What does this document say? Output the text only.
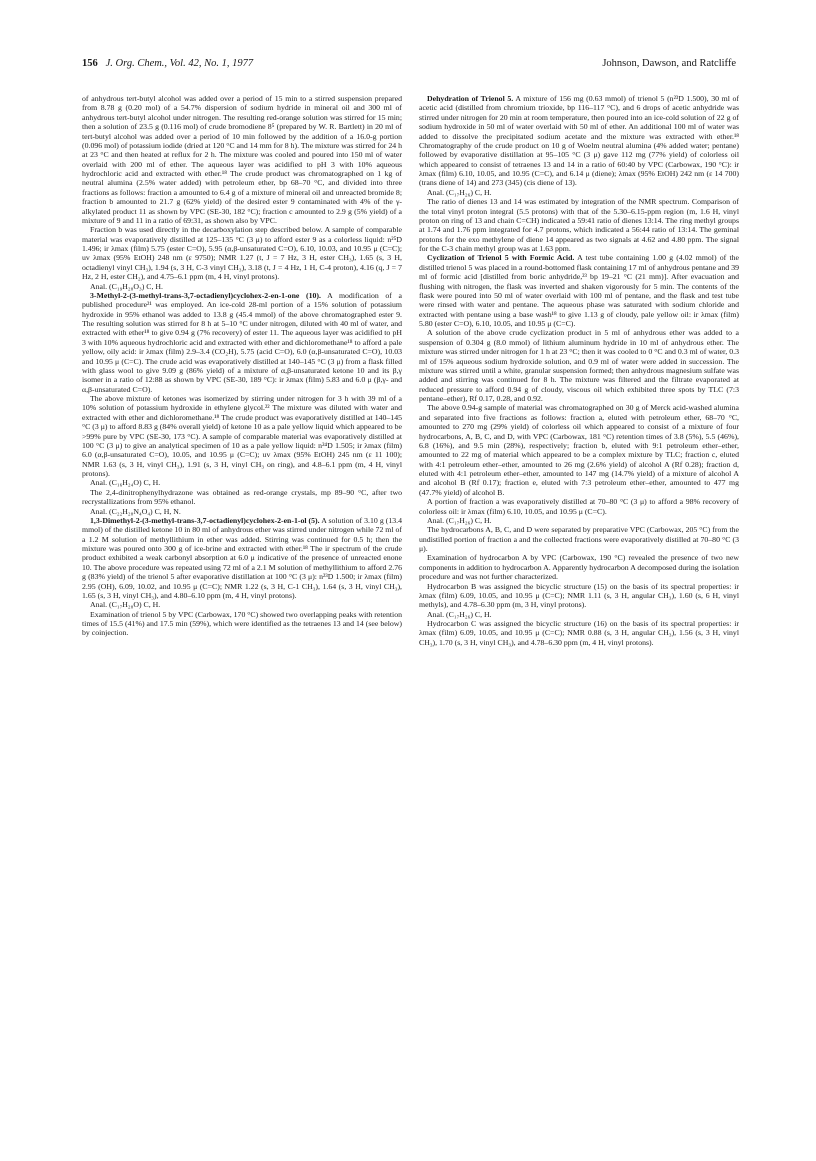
156 J. Org. Chem., Vol. 42, No. 1, 1977	Johnson, Dawson, and Ratcliffe

of anhydrous tert-butyl alcohol was added over a period of 15 min to a stirred suspension prepared from 8.78 g (0.20 mol) of a 54.7% dispersion of sodium hydride in mineral oil and 300 ml of anhydrous tert-butyl alcohol under nitrogen. The resulting red-orange solution was stirred for 15 min; then a solution of 23.5 g (0.116 mol) of crude bromodiene 8⁵ (prepared by W. R. Bartlett) in 20 ml of tert-butyl alcohol was added over a period of 10 min followed by the addition of a 16.0-g portion (0.096 mol) of potassium iodide (dried at 120 °C and 14 mm for 8 h). The mixture was stirred for 24 h at 23 °C and then heated at reflux for 2 h. The mixture was cooled and poured into 150 ml of water overlaid with 200 ml of ether. The aqueous layer was acidified to pH 3 with 10% aqueous hydrochloric acid and extracted with ether.¹⁸ The crude product was chromatographed on 1 kg of neutral alumina (2.5% water added) with petroleum ether, bp 68–70 °C, and divided into three fractions as follows: fraction a amounted to 6.4 g of a mixture of mineral oil and unreacted bromide 8; fraction b amounted to 21.7 g (62% yield) of the desired ester 9 contaminated with 4% of the γ-alkylated product 11 as shown by VPC (SE-30, 182 °C); fraction c amounted to 2.9 g (5% yield) of a mixture of 9 and 11 in a ratio of 69:31, as shown also by VPC.

Fraction b was used directly in the decarboxylation step described below. A sample of comparable material was evaporatively distilled at 125–135 °C (3 μ) to afford ester 9 as a colorless liquid: n²⁵D 1.496; ir λmax (film) 5.75 (ester C=O), 5.95 (α,β-unsaturated C=O), 6.10, 10.03, and 10.95 μ (C=C); uv λmax (95% EtOH) 248 nm (ε 9750); NMR 1.27 (t, J = 7 Hz, 3 H, ester CH₃), 1.65 (s, 3 H, octadienyl vinyl CH₃), 1.94 (s, 3 H, C-3 vinyl CH₃), 3.18 (t, J = 4 Hz, 1 H, C-4 proton), 4.16 (q, J = 7 Hz, 2 H, ester CH₂), and 4.75–6.1 ppm (m, 4 H, vinyl protons).

Anal. (C₁₉H₂₈O₃) C, H.

3-Methyl-2-(3-methyl-trans-3,7-octadienyl)cyclohex-2-en-1-one (10). A modification of a published procedure²¹ was employed. An ice-cold 28-ml portion of a 15% solution of potassium hydroxide in 95% ethanol was added to 13.8 g (45.4 mmol) of the above chromatographed ester 9. The resulting solution was stirred for 8 h at 5–10 °C under nitrogen, diluted with 40 ml of water, and extracted with ether¹⁸ to give 0.94 g (7% recovery) of ester 11. The aqueous layer was acidified to pH 3 with 10% aqueous hydrochloric acid and extracted with ether and dichloromethane¹⁸ to afford a pale yellow, oily acid: ir λmax (film) 2.9–3.4 (CO₂H), 5.75 (acid C=O), 6.0 (α,β-unsaturated C=O), 10.03 and 10.95 μ (C=C). The crude acid was evaporatively distilled at 140–145 °C (3 μ) from a flask filled with glass wool to give 9.09 g (86% yield) of a mixture of α,β-unsaturated ketone 10 and its β,γ isomer in a ratio of 12:88 as shown by VPC (SE-30, 189 °C): ir λmax (film) 5.83 and 6.0 μ (β,γ- and α,β-unsaturated C=O).

The above mixture of ketones was isomerized by stirring under nitrogen for 3 h with 39 ml of a 10% solution of potassium hydroxide in ethylene glycol.²² The mixture was diluted with water and extracted with ether and dichloromethane.¹⁸ The crude product was evaporatively distilled at 140–145 °C (3 μ) to afford 8.83 g (84% overall yield) of ketone 10 as a pale yellow liquid which appeared to be >99% pure by VPC (SE-30, 173 °C). A sample of comparable material was evaporatively distilled at 100 °C (3 μ) to give an analytical specimen of 10 as a pale yellow liquid: n²⁴D 1.505; ir λmax (film) 6.0 (α,β-unsaturated C=O), 10.05, and 10.95 μ (C=C); uv λmax (95% EtOH) 245 nm (ε 11 100); NMR 1.63 (s, 3 H, vinyl CH₃), 1.91 (s, 3 H, vinyl CH₃ on ring), and 4.8–6.1 ppm (m, 4 H, vinyl protons).

Anal. (C₁₆H₂₄O) C, H.

The 2,4-dinitrophenylhydrazone was obtained as red-orange crystals, mp 89–90 °C, after two recrystallizations from 95% ethanol.

Anal. (C₂₂H₂₈N₄O₄) C, H, N.

1,3-Dimethyl-2-(3-methyl-trans-3,7-octadienyl)cyclohex-2-en-1-ol (5). A solution of 3.10 g (13.4 mmol) of the distilled ketone 10 in 80 ml of anhydrous ether was stirred under nitrogen while 72 ml of a 1.2 M solution of methyllithium in ether was added. Stirring was continued for 0.5 h; then the mixture was poured onto 300 g of ice-brine and extracted with ether.¹⁸ The ir spectrum of the crude product exhibited a weak carbonyl absorption at 6.0 μ indicative of the presence of unreacted enone 10. The above procedure was repeated using 72 ml of a 2.1 M solution of methyllithium to afford 2.76 g (83% yield) of the trienol 5 after evaporative distillation at 100 °C (3 μ): n²³D 1.500; ir λmax (film) 2.95 (OH), 6.09, 10.02, and 10.95 μ (C=C); NMR 1.22 (s, 3 H, C-1 CH₃), 1.64 (s, 3 H, vinyl CH₃), 1.65 (s, 3 H, vinyl CH₃), and 4.80–6.10 ppm (m, 4 H, vinyl protons).

Anal. (C₁₇H₂₈O) C, H.

Examination of trienol 5 by VPC (Carbowax, 170 °C) showed two overlapping peaks with retention times of 15.5 (41%) and 17.5 min (59%), which were identified as the tetraenes 13 and 14 (see below) by coinjection.

Dehydration of Trienol 5. A mixture of 156 mg (0.63 mmol) of trienol 5 (n²³D 1.500), 30 ml of acetic acid (distilled from chromium trioxide, bp 116–117 °C), and 6 drops of acetic anhydride was stirred under nitrogen for 20 min at room temperature, then poured into an ice-cold solution of 22 g of sodium hydroxide in 50 ml of water overlaid with 50 ml of ether. An additional 100 ml of water was added to dissolve the precipitated sodium acetate and the mixture was extracted with ether.¹⁸ Chromatography of the crude product on 10 g of Woelm neutral alumina (4% added water; pentane) followed by evaporative distillation at 95–105 °C (3 μ) gave 112 mg (77% yield) of colorless oil which appeared to consist of tetraenes 13 and 14 in a ratio of 60:40 by VPC (Carbowax, 190 °C): ir λmax (film) 6.10, 10.05, and 10.95 (C=C), and 6.14 μ (diene); λmax (95% EtOH) 242 nm (ε 14 700) (trans diene of 14) and 273 (345) (cis diene of 13).

Anal. (C₁₇H₂₆) C, H.

The ratio of dienes 13 and 14 was estimated by integration of the NMR spectrum. Comparison of the total vinyl proton integral (5.5 protons) with that of the 5.30–6.15-ppm region (m, 1.6 H, vinyl proton on ring of 13 and chain C=CH) indicated a 59:41 ratio of dienes 13:14. The ring methyl groups at 1.74 and 1.76 ppm integrated for 4.7 protons, which indicated a 56:44 ratio of 13:14. The geminal protons for the exo methylene of diene 14 appeared as two signals at 4.62 and 4.80 ppm. The signal for the C-3 chain methyl group was at 1.63 ppm.

Cyclization of Trienol 5 with Formic Acid. A test tube containing 1.00 g (4.02 mmol) of the distilled trienol 5 was placed in a round-bottomed flask containing 17 ml of anhydrous pentane and 39 ml of formic acid [distilled from boric anhydride,²³ bp 19–21 °C (21 mm)]. After evacuation and flushing with nitrogen, the flask was inverted and shaken vigorously for 5 min. The contents of the flask were poured into 50 ml of water overlaid with 100 ml of pentane, and the flask and test tube were rinsed with water and pentane. The aqueous phase was saturated with sodium chloride and extracted with pentane using a base wash¹⁸ to give 1.13 g of cloudy, pale yellow oil: ir λmax (film) 5.80 (ester C=O), 6.10, 10.05, and 10.95 μ (C=C).

A solution of the above crude cyclization product in 5 ml of anhydrous ether was added to a suspension of 0.304 g (8.0 mmol) of lithium aluminum hydride in 10 ml of anhydrous ether. The mixture was stirred under nitrogen for 1 h at 23 °C; then it was cooled to 0 °C and 0.3 ml of water, 0.3 ml of 15% aqueous sodium hydroxide solution, and 0.9 ml of water were added in succession. The mixture was stirred until a white, granular suspension formed; then anhydrous magnesium sulfate was added and stirring was continued for 8 h. The mixture was filtered and the filtrate evaporated at reduced pressure to afford 0.94 g of cloudy, viscous oil which exhibited three spots by TLC (7:3 pentane–ether), Rf 0.17, 0.28, and 0.92.

The above 0.94-g sample of material was chromatographed on 30 g of Merck acid-washed alumina and separated into five fractions as follows: fraction a, eluted with petroleum ether, 68–70 °C, amounted to 270 mg (29% yield) of colorless oil which appeared to consist of a mixture of four hydrocarbons, A, B, C, and D, with VPC (Carbowax, 181 °C) retention times of 3.8 (5%), 5.5 (46%), 6.8 (16%), and 9.5 min (28%), respectively; fraction b, eluted with 9:1 petroleum ether–ether, amounted to 22 mg of material which appeared to be a complex mixture by TLC; fraction c, eluted with 4:1 petroleum ether–ether, amounted to 26 mg (2.6% yield) of alcohol A (Rf 0.28); fraction d, eluted with 4:1 petroleum ether–ether, amounted to 147 mg (14.7% yield) of a mixture of alcohol A and alcohol B (Rf 0.17); fraction e, eluted with 7:3 petroleum ether–ether, amounted to 477 mg (47.7% yield) of alcohol B.

A portion of fraction a was evaporatively distilled at 70–80 °C (3 μ) to afford a 98% recovery of colorless oil: ir λmax (film) 6.10, 10.05, and 10.95 μ (C=C).

Anal. (C₁₇H₂₆) C, H.

The hydrocarbons A, B, C, and D were separated by preparative VPC (Carbowax, 205 °C) from the undistilled portion of fraction a and the collected fractions were evaporatively distilled at 70–80 °C (3 μ).

Examination of hydrocarbon A by VPC (Carbowax, 190 °C) revealed the presence of two new components in addition to hydrocarbon A. Apparently hydrocarbon A decomposed during the isolation procedure and was not further characterized.

Hydrocarbon B was assigned the bicyclic structure (15) on the basis of its spectral properties: ir λmax (film) 6.09, 10.05, and 10.95 μ (C=C); NMR 1.11 (s, 3 H, angular CH₃), 1.60 (s, 6 H, vinyl methyls), and 4.78–6.30 ppm (m, 3 H, vinyl protons).

Anal. (C₁₇H₂₆) C, H.

Hydrocarbon C was assigned the bicyclic structure (16) on the basis of its spectral properties: ir λmax (film) 6.09, 10.05, and 10.95 μ (C=C); NMR 0.88 (s, 3 H, angular CH₃), 1.56 (s, 3 H, vinyl CH₃), 1.70 (s, 3 H, vinyl CH₃), and 4.78–6.30 ppm (m, 4 H, vinyl protons).
